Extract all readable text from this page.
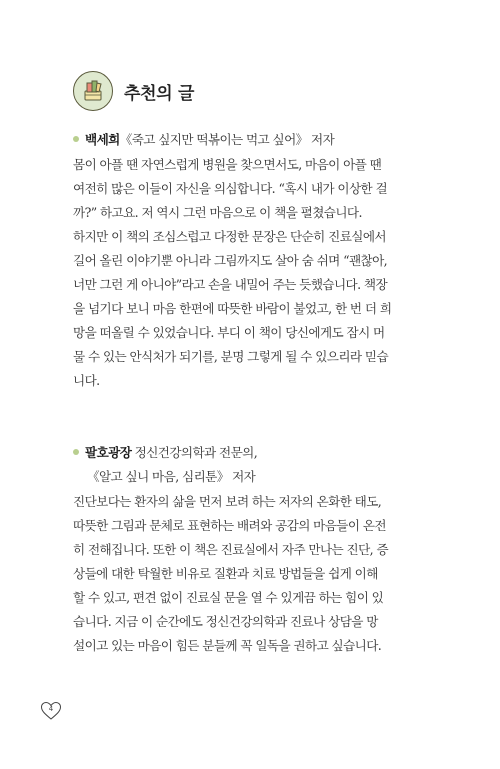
추천의 글
백세희《죽고 싶지만 떡볶이는 먹고 싶어》 저자

몸이 아플 땐 자연스럽게 병원을 찾으면서도, 마음이 아플 땐

여전히 많은 이들이 자신을 의심합니다. “혹시 내가 이상한 걸

까?” 하고요. 저 역시 그런 마음으로 이 책을 펼쳤습니다.

하지만 이 책의 조심스럽고 다정한 문장은 단순히 진료실에서

길어 올린 이야기뿐 아니라 그림까지도 살아 숨 쉬며 “괜찮아,

너만 그런 게 아니야”라고 손을 내밀어 주는 듯했습니다. 책장

을 넘기다 보니 마음 한편에 따뜻한 바람이 불었고, 한 번 더 희

망을 떠올릴 수 있었습니다. 부디 이 책이 당신에게도 잠시 머

물 수 있는 안식처가 되기를, 분명 그렇게 될 수 있으리라 믿습

니다.

팔호광장 정신건강의학과 전문의,
《알고 싶니 마음, 심리툰》 저자

진단보다는 환자의 삶을 먼저 보려 하는 저자의 온화한 태도,

따뜻한 그림과 문체로 표현하는 배려와 공감의 마음들이 온전

히 전해집니다. 또한 이 책은 진료실에서 자주 만나는 진단, 증

상들에 대한 탁월한 비유로 질환과 치료 방법들을 쉽게 이해

할 수 있고, 편견 없이 진료실 문을 열 수 있게끔 하는 힘이 있

습니다. 지금 이 순간에도 정신건강의학과 진료나 상담을 망

설이고 있는 마음이 힘든 분들께 꼭 일독을 권하고 싶습니다.

4
